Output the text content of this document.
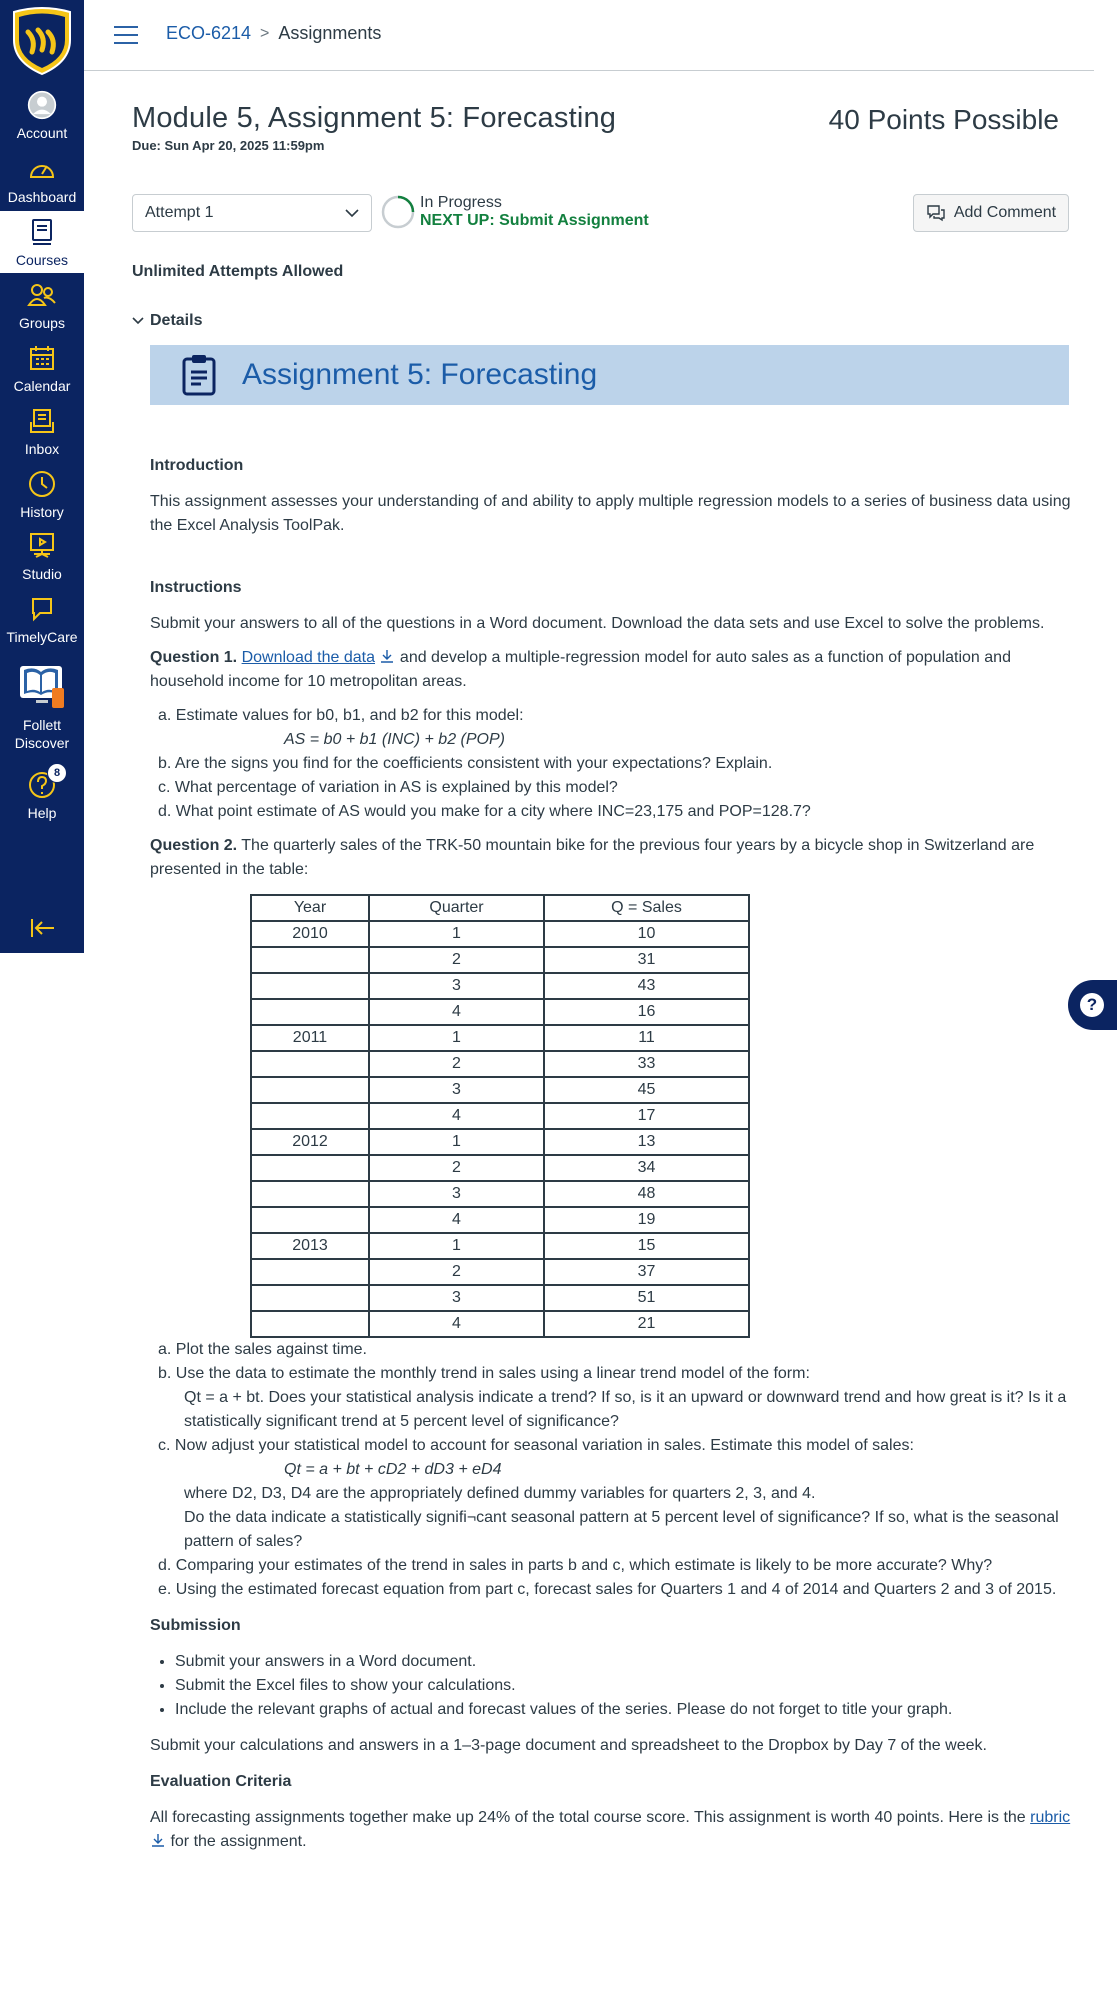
Account
Dashboard
Courses
Groups
Calendar
Inbox
History
Studio
TimelyCare
Follett Discover
Help
8
ECO-6214 > Assignments
Module 5, Assignment 5: Forecasting
Due: Sun Apr 20, 2025 11:59pm
40 Points Possible
Attempt 1
In Progress
NEXT UP: Submit Assignment	Add Comment
Unlimited Attempts Allowed
Details
Assignment 5: Forecasting

Introduction

This assignment assesses your understanding of and ability to apply multiple regression models to a series of business data using the Excel Analysis ToolPak.

Instructions

Submit your answers to all of the questions in a Word document. Download the data sets and use Excel to solve the problems.

Question 1. Download the data  and develop a multiple-regression model for auto sales as a function of population and household income for 10 metropolitan areas.

a. Estimate values for b0, b1, and b2 for this model:
AS = b0 + b1 (INC) + b2 (POP)
b. Are the signs you find for the coefficients consistent with your expectations? Explain.
c. What percentage of variation in AS is explained by this model?
d. What point estimate of AS would you make for a city where INC=23,175 and POP=128.7?

Question 2. The quarterly sales of the TRK-50 mountain bike for the previous four years by a bicycle shop in Switzerland are presented in the table:

Year	Quarter	Q = Sales
2010	1	10
	2	31
	3	43
	4	16
2011	1	11
	2	33
	3	45
	4	17
2012	1	13
	2	34
	3	48
	4	19
2013	1	15
	2	37
	3	51
	4	21
a. Plot the sales against time.
b. Use the data to estimate the monthly trend in sales using a linear trend model of the form:
Qt = a + bt. Does your statistical analysis indicate a trend? If so, is it an upward or downward trend and how great is it? Is it a statistically significant trend at 5 percent level of significance?
c. Now adjust your statistical model to account for seasonal variation in sales. Estimate this model of sales:
Qt = a + bt + cD2 + dD3 + eD4
where D2, D3, D4 are the appropriately defined dummy variables for quarters 2, 3, and 4.
Do the data indicate a statistically signifi¬cant seasonal pattern at 5 percent level of significance? If so, what is the seasonal pattern of sales?
d. Comparing your estimates of the trend in sales in parts b and c, which estimate is likely to be more accurate? Why?
e. Using the estimated forecast equation from part c, forecast sales for Quarters 1 and 4 of 2014 and Quarters 2 and 3 of 2015.

Submission

• Submit your answers in a Word document.
• Submit the Excel files to show your calculations.
• Include the relevant graphs of actual and forecast values of the series. Please do not forget to title your graph.

Submit your calculations and answers in a 1–3-page document and spreadsheet to the Dropbox by Day 7 of the week.

Evaluation Criteria

All forecasting assignments together make up 24% of the total course score. This assignment is worth 40 points. Here is the rubric  for the assignment.

?
